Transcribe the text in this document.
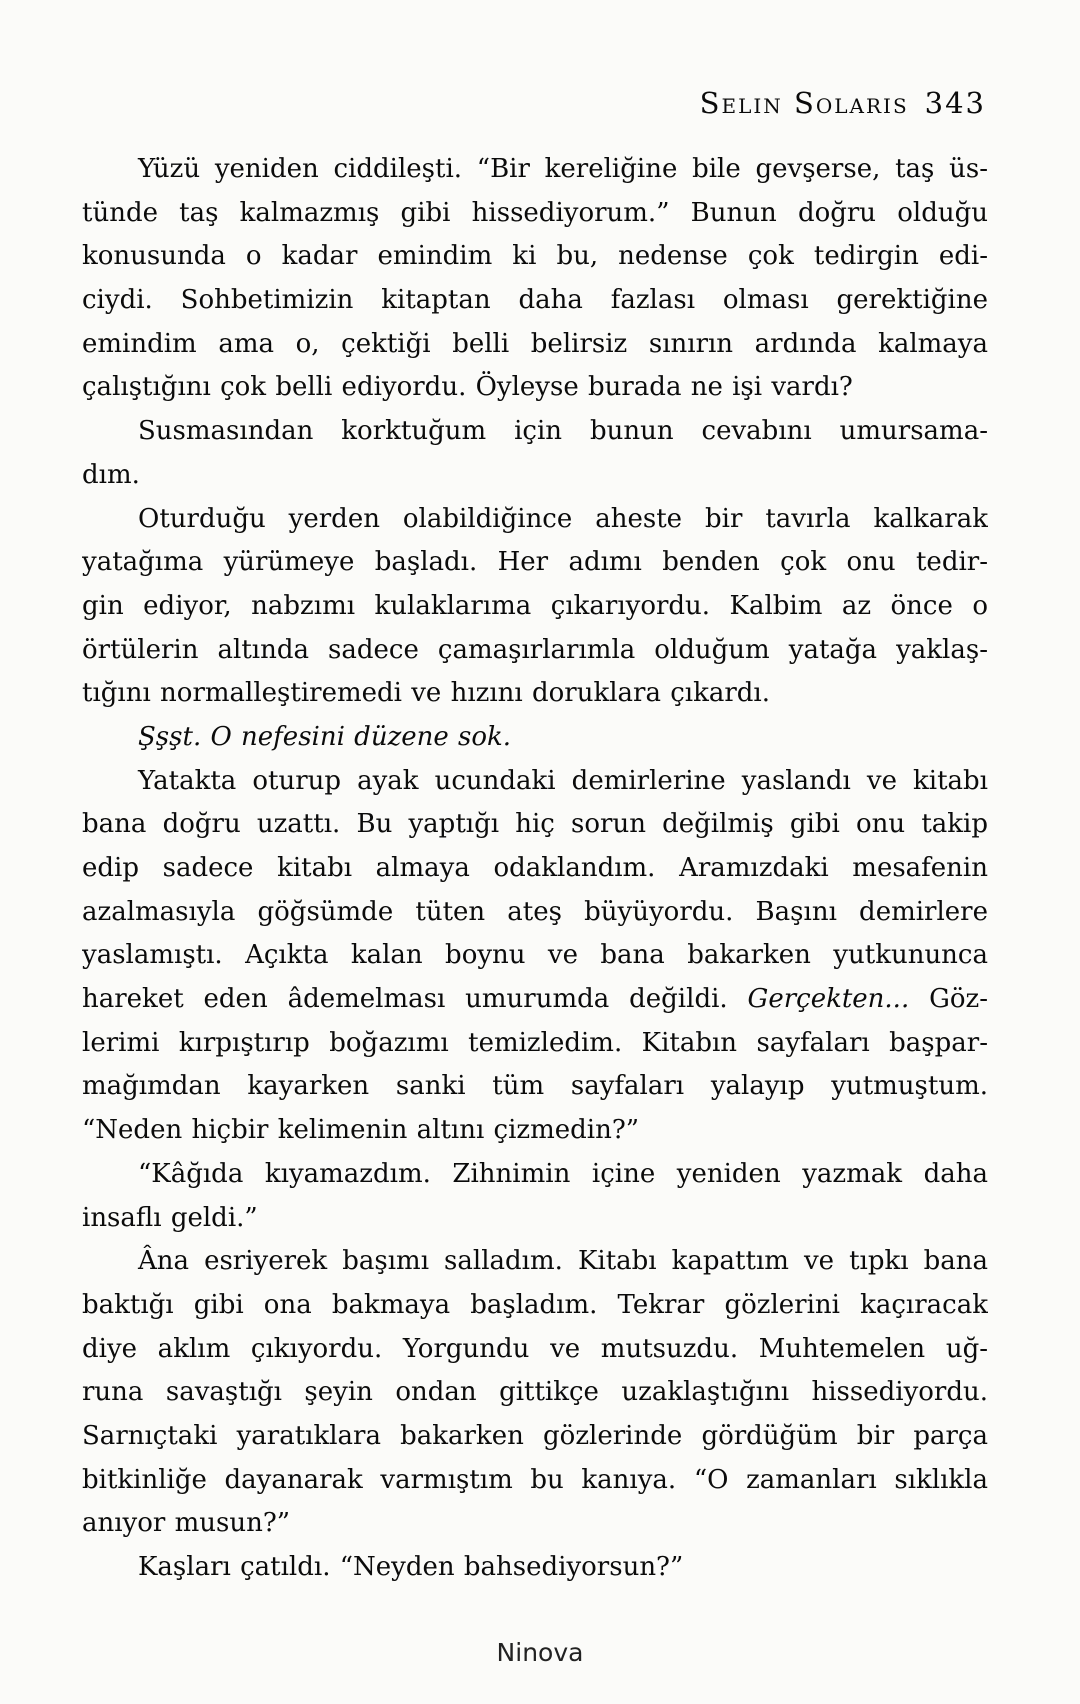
Selin Solaris 343
Yüzü yeniden ciddileşti. “Bir kereliğine bile gevşerse, taş üs-
tünde taş kalmazmış gibi hissediyorum.” Bunun doğru olduğu
konusunda o kadar emindim ki bu, nedense çok tedirgin edi-
ciydi. Sohbetimizin kitaptan daha fazlası olması gerektiğine
emindim ama o, çektiği belli belirsiz sınırın ardında kalmaya
çalıştığını çok belli ediyordu. Öyleyse burada ne işi vardı?
Susmasından korktuğum için bunun cevabını umursama-
dım.
Oturduğu yerden olabildiğince aheste bir tavırla kalkarak
yatağıma yürümeye başladı. Her adımı benden çok onu tedir-
gin ediyor, nabzımı kulaklarıma çıkarıyordu. Kalbim az önce o
örtülerin altında sadece çamaşırlarımla olduğum yatağa yaklaş-
tığını normalleştiremedi ve hızını doruklara çıkardı.
Şşşt. O nefesini düzene sok.
Yatakta oturup ayak ucundaki demirlerine yaslandı ve kitabı
bana doğru uzattı. Bu yaptığı hiç sorun değilmiş gibi onu takip
edip sadece kitabı almaya odaklandım. Aramızdaki mesafenin
azalmasıyla göğsümde tüten ateş büyüyordu. Başını demirlere
yaslamıştı. Açıkta kalan boynu ve bana bakarken yutkununca
hareket eden âdemelması umurumda değildi. Gerçekten... Göz-
lerimi kırpıştırıp boğazımı temizledim. Kitabın sayfaları başpar-
mağımdan kayarken sanki tüm sayfaları yalayıp yutmuştum.
“Neden hiçbir kelimenin altını çizmedin?”
“Kâğıda kıyamazdım. Zihnimin içine yeniden yazmak daha
insaflı geldi.”
Âna esriyerek başımı salladım. Kitabı kapattım ve tıpkı bana
baktığı gibi ona bakmaya başladım. Tekrar gözlerini kaçıracak
diye aklım çıkıyordu. Yorgundu ve mutsuzdu. Muhtemelen uğ-
runa savaştığı şeyin ondan gittikçe uzaklaştığını hissediyordu.
Sarnıçtaki yaratıklara bakarken gözlerinde gördüğüm bir parça
bitkinliğe dayanarak varmıştım bu kanıya. “O zamanları sıklıkla
anıyor musun?”
Kaşları çatıldı. “Neyden bahsediyorsun?”
Ninova
